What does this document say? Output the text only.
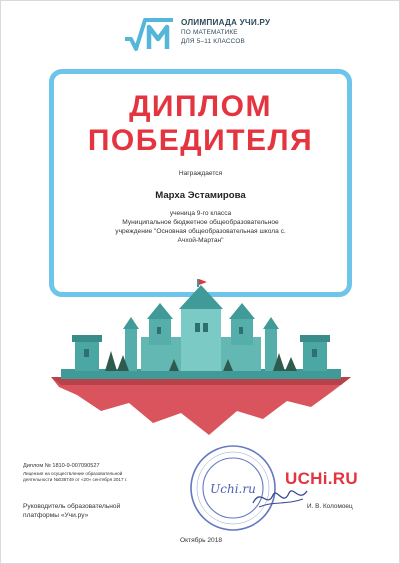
ОЛИМПИАДА УЧИ.РУ
ПО МАТЕМАТИКЕ
ДЛЯ 5–11 КЛАССОВ
ДИПЛОМ
ПОБЕДИТЕЛЯ
Награждается
Марха Эстамирова
ученица 9-го класса
Муниципальное бюджетное общеобразовательное
учреждение "Основная общеобразовательная школа с.
Ачхой-Мартан"
Диплом № 1810-9-007090527
Лицензия на осуществление образовательной
деятельности №038749 от «20» сентября 2017 г.
Руководитель образовательной
платформы «Учи.ру»
Uchi.ru
UCHi.RU
И. В. Коломоец
Октябрь 2018
